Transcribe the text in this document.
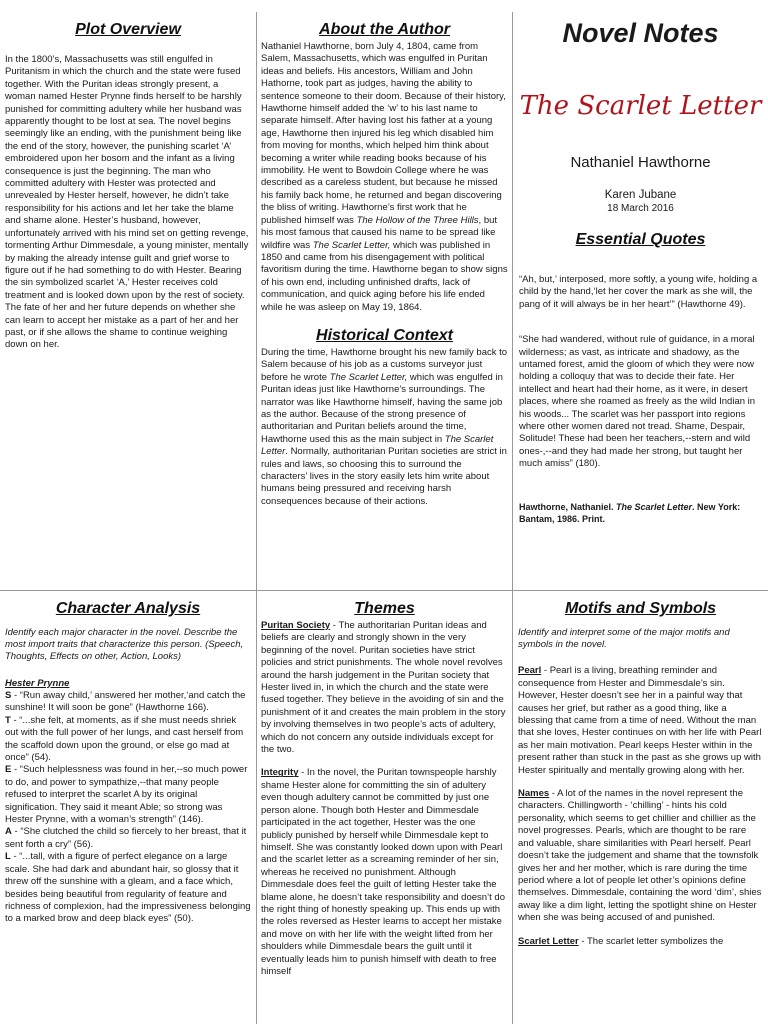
Plot Overview
In the 1800’s, Massachusetts was still engulfed in Puritanism in which the church and the state were fused together. With the Puritan ideas strongly present, a woman named Hester Prynne finds herself to be harshly punished for committing adultery while her husband was apparently thought to be lost at sea. The novel begins seemingly like an ending, with the punishment being like the end of the story, however, the punishing scarlet ‘A’ embroidered upon her bosom and the infant as a living consequence is just the beginning. The man who committed adultery with Hester was protected and unrevealed by Hester herself, however, he didn’t take responsibility for his actions and let her take the blame and shame alone. Hester’s husband, however, unfortunately arrived with his mind set on getting revenge, tormenting Arthur Dimmesdale, a young minister, mentally by making the already intense guilt and grief worse to figure out if he had something to do with Hester. Bearing the sin symbolized scarlet ‘A,’ Hester receives cold treatment and is looked down upon by the rest of society. The fate of her and her future depends on whether she can learn to accept her mistake as a part of her and her past, or if she allows the shame to continue weighing down on her.
About the Author
Nathaniel Hawthorne, born July 4, 1804, came from Salem, Massachusetts, which was engulfed in Puritan ideas and beliefs. His ancestors, William and John Hathorne, took part as judges, having the ability to sentence someone to their doom. Because of their history, Hawthorne himself added the ‘w’ to his last name to separate himself. After having lost his father at a young age, Hawthorne then injured his leg which disabled him from moving for months, which helped him think about becoming a writer while reading books because of his immobility. He went to Bowdoin College where he was described as a careless student, but because he missed his family back home, he returned and began discovering the bliss of writing. Hawthorne’s first work that he published himself was The Hollow of the Three Hills, but his most famous that caused his name to be spread like wildfire was The Scarlet Letter, which was published in 1850 and came from his disengagement with political favoritism during the time. Hawthorne began to show signs of his own end, including unfinished drafts, lack of communication, and quick aging before his life ended while he was asleep on May 19, 1864.
Historical Context
During the time, Hawthorne brought his new family back to Salem because of his job as a customs surveyor just before he wrote The Scarlet Letter, which was engulfed in Puritan ideas just like Hawthorne’s surroundings. The narrator was like Hawthorne himself, having the same job as the author. Because of the strong presence of authoritarian and Puritan beliefs around the time, Hawthorne used this as the main subject in The Scarlet Letter. Normally, authoritarian Puritan societies are strict in rules and laws, so choosing this to surround the characters’ lives in the story easily lets him write about humans being pressured and receiving harsh consequences because of their actions.
Novel Notes
The Scarlet Letter
Nathaniel Hawthorne
Karen Jubane
18 March 2016
Essential Quotes
“Ah, but,’ interposed, more softly, a young wife, holding a child by the hand,‘let her cover the mark as she will, the pang of it will always be in her heart’” (Hawthorne 49).
“She had wandered, without rule of guidance, in a moral wilderness; as vast, as intricate and shadowy, as the untamed forest, amid the gloom of which they were now holding a colloquy that was to decide their fate. Her intellect and heart had their home, as it were, in desert places, where she roamed as freely as the wild Indian in his woods... The scarlet was her passport into regions where other women dared not tread. Shame, Despair, Solitude! These had been her teachers,--stern and wild ones-,--and they had made her strong, but taught her much amiss” (180).
Hawthorne, Nathaniel. The Scarlet Letter. New York: Bantam, 1986. Print.
Character Analysis
Identify each major character in the novel. Describe the most import traits that characterize this person. (Speech, Thoughts, Effects on other, Action, Looks)
Hester Prynne

S - “Run away child,’ answered her mother,‘and catch the sunshine! It will soon be gone” (Hawthorne 166).

T - “...she felt, at moments, as if she must needs shriek out with the full power of her lungs, and cast herself from the scaffold down upon the ground, or else go mad at once” (54).

E - “Such helplessness was found in her,--so much power to do, and power to sympathize,--that many people refused to interpret the scarlet A by its original signification. They said it meant Able; so strong was Hester Prynne, with a woman’s strength” (146).

A - “She clutched the child so fiercely to her breast, that it sent forth a cry” (56).

L - “...tall, with a figure of perfect elegance on a large scale. She had dark and abundant hair, so glossy that it threw off the sunshine with a gleam, and a face which, besides being beautiful from regularity of feature and richness of complexion, had the impressiveness belonging to a marked brow and deep black eyes” (50).

Themes

Puritan Society - The authoritarian Puritan ideas and beliefs are clearly and strongly shown in the very beginning of the novel. Puritan societies have strict policies and strict punishments. The whole novel revolves around the harsh judgement in the Puritan society that Hester lived in, in which the church and the state were fused together. They believe in the avoiding of sin and the punishment of it and creates the main problem in the story by involving themselves in two people’s acts of adultery, which do not concern any outside individuals except for the two.

Integrity - In the novel, the Puritan townspeople harshly shame Hester alone for committing the sin of adultery even though adultery cannot be committed by just one person alone. Though both Hester and Dimmesdale participated in the act together, Hester was the one publicly punished by herself while Dimmesdale kept to himself. She was constantly looked down upon with Pearl and the scarlet letter as a screaming reminder of her sin, whereas he received no punishment. Although Dimmesdale does feel the guilt of letting Hester take the blame alone, he doesn’t take responsibility and doesn’t do the right thing of honestly speaking up. This ends up with the roles reversed as Hester learns to accept her mistake and move on with her life with the weight lifted from her shoulders while Dimmesdale bears the guilt until it eventually leads him to punish himself with death to free himself

Motifs and Symbols
Identify and interpret some of the major motifs and symbols in the novel.

Pearl - Pearl is a living, breathing reminder and consequence from Hester and Dimmesdale’s sin. However, Hester doesn’t see her in a painful way that causes her grief, but rather as a good thing, like a blessing that came from a time of need. Without the man that she loves, Hester continues on with her life with Pearl as her main motivation. Pearl keeps Hester within in the present rather than stuck in the past as she grows up with Hester spiritually and mentally growing along with her.

Names - A lot of the names in the novel represent the characters. Chillingworth - ‘chilling’ - hints his cold personality, which seems to get chillier and chillier as the novel progresses. Pearls, which are thought to be rare and valuable, share similarities with Pearl herself. Pearl doesn’t take the judgement and shame that the townsfolk gives her and her mother, which is rare during the time period where a lot of people let other’s opinions define themselves. Dimmesdale, containing the word ‘dim’, shies away like a dim light, letting the spotlight shine on Hester when she was being accused of and punished.

Scarlet Letter - The scarlet letter symbolizes the
